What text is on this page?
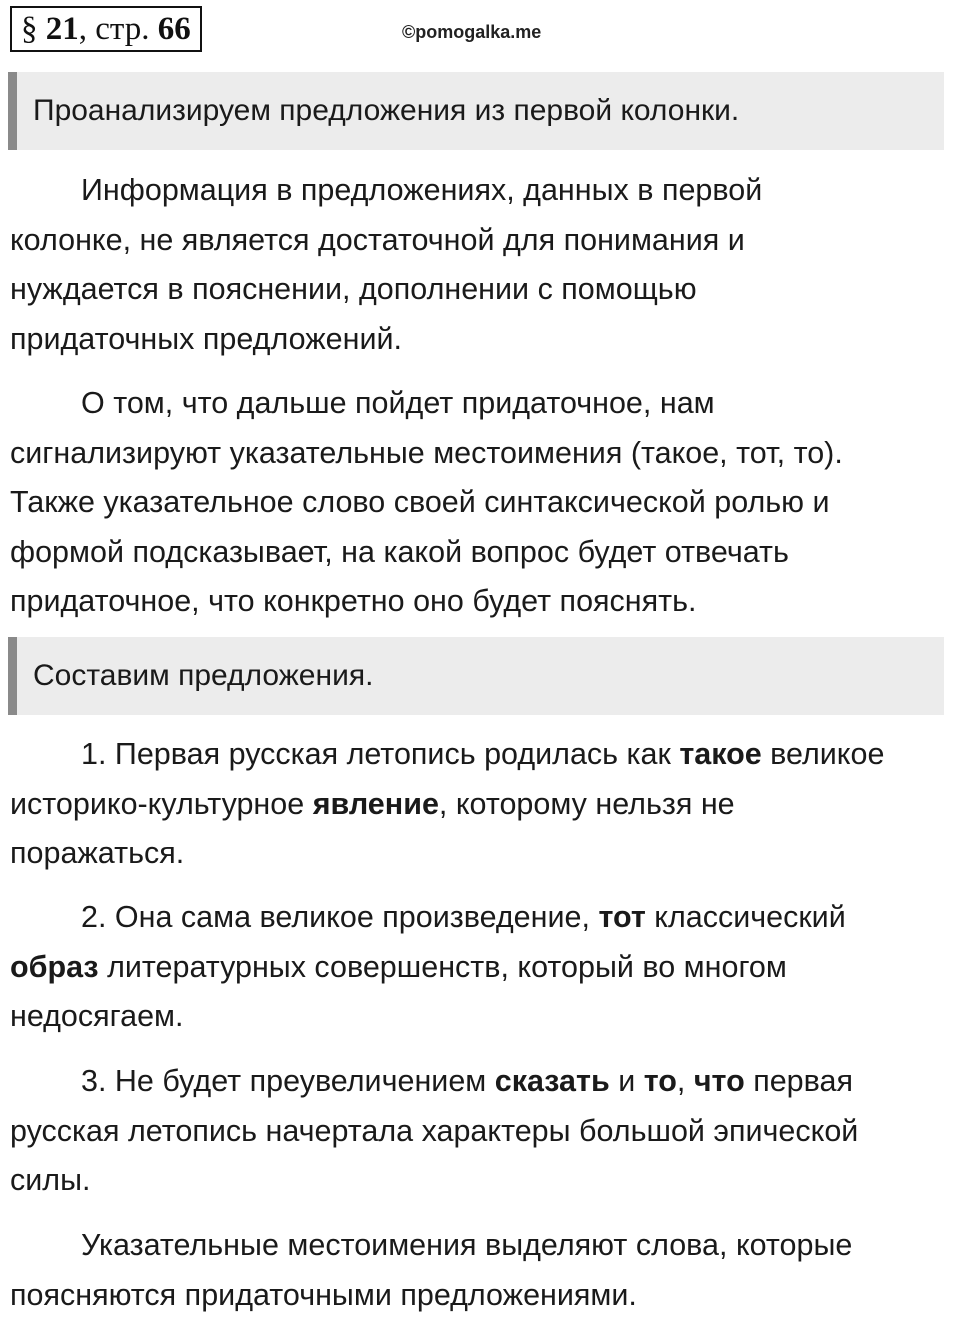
§ 21, стр. 66	©pomogalka.me
Проанализируем предложения из первой колонки.
Информация в предложениях, данных в первой
колонке, не является достаточной для понимания и
нуждается в пояснении, дополнении с помощью
придаточных предложений.
О том, что дальше пойдет придаточное, нам
сигнализируют указательные местоимения (такое, тот, то).
Также указательное слово своей синтаксической ролью и
формой подсказывает, на какой вопрос будет отвечать
придаточное, что конкретно оно будет пояснять.
Составим предложения.
1. Первая русская летопись родилась как такое великое
историко-культурное явление, которому нельзя не
поражаться.
2. Она сама великое произведение, тот классический
образ литературных совершенств, который во многом
недосягаем.
3. Не будет преувеличением сказать и то, что первая
русская летопись начертала характеры большой эпической
силы.
Указательные местоимения выделяют слова, которые
поясняются придаточными предложениями.
